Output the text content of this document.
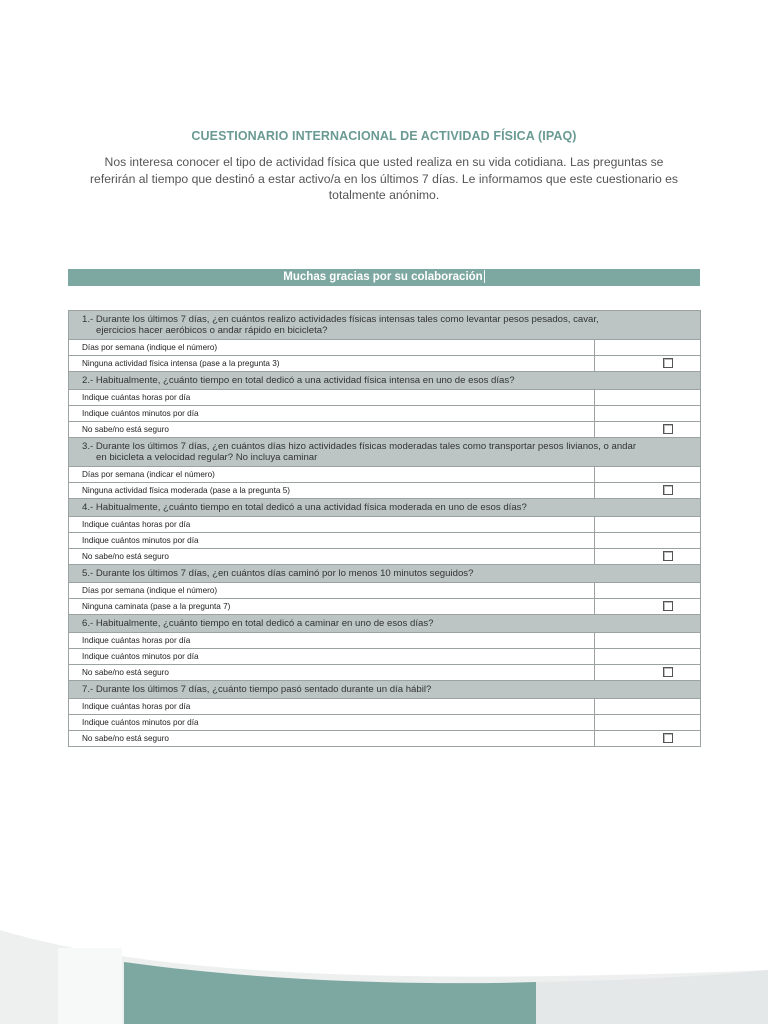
CUESTIONARIO INTERNACIONAL DE ACTIVIDAD FÍSICA (IPAQ)
Nos interesa conocer el tipo de actividad física que usted realiza en su vida cotidiana. Las preguntas se referirán al tiempo que destinó a estar activo/a en los últimos 7 días. Le informamos que este cuestionario es totalmente anónimo.
Muchas gracias por su colaboración
1.- Durante los últimos 7 días, ¿en cuántos realizo actividades físicas intensas tales como levantar pesos pesados, cavar,
ejercicios hacer aeróbicos o andar rápido en bicicleta?	

Días por semana (indique el número)	
Ninguna actividad física intensa (pase a la pregunta 3)	

2.- Habitualmente, ¿cuánto tiempo en total dedicó a una actividad física intensa en uno de esos días?	
Indique cuántas horas por día	
Indique cuántos minutos por día	
No sabe/no está seguro	

3.- Durante los últimos 7 días, ¿en cuántos días hizo actividades físicas moderadas tales como transportar pesos livianos, o andar
en bicicleta a velocidad regular? No incluya caminar	

Días por semana (indicar el número)	
Ninguna actividad física moderada (pase a la pregunta 5)	

4.- Habitualmente, ¿cuánto tiempo en total dedicó a una actividad física moderada en uno de esos días?	
Indique cuántas horas por día	
Indique cuántos minutos por día	
No sabe/no está seguro	

5.- Durante los últimos 7 días, ¿en cuántos días caminó por lo menos 10 minutos seguidos?	
Días por semana (indique el número)	
Ninguna caminata (pase a la pregunta 7)	

6.- Habitualmente, ¿cuánto tiempo en total dedicó a caminar en uno de esos días?	
Indique cuántas horas por día	
Indique cuántos minutos por día	
No sabe/no está seguro	

7.- Durante los últimos 7 días, ¿cuánto tiempo pasó sentado durante un día hábil?	
Indique cuántas horas por día	
Indique cuántos minutos por día	
No sabe/no está seguro	
